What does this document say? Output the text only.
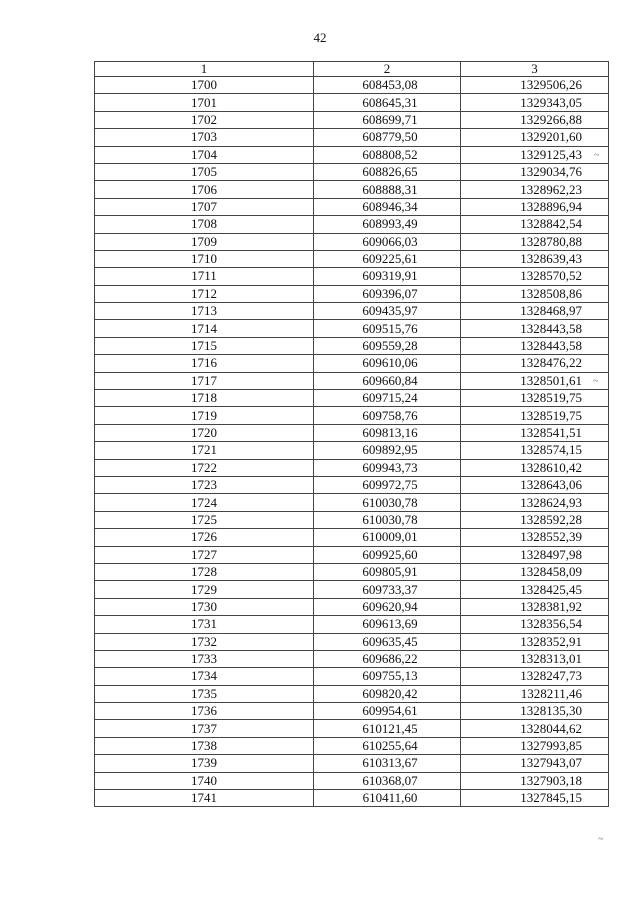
42
1	2	3
1700	608453,08	1329506,26
1701	608645,31	1329343,05
1702	608699,71	1329266,88
1703	608779,50	1329201,60
1704	608808,52	1329125,43
1705	608826,65	1329034,76
1706	608888,31	1328962,23
1707	608946,34	1328896,94
1708	608993,49	1328842,54
1709	609066,03	1328780,88
1710	609225,61	1328639,43
1711	609319,91	1328570,52
1712	609396,07	1328508,86
1713	609435,97	1328468,97
1714	609515,76	1328443,58
1715	609559,28	1328443,58
1716	609610,06	1328476,22
1717	609660,84	1328501,61
1718	609715,24	1328519,75
1719	609758,76	1328519,75
1720	609813,16	1328541,51
1721	609892,95	1328574,15
1722	609943,73	1328610,42
1723	609972,75	1328643,06
1724	610030,78	1328624,93
1725	610030,78	1328592,28
1726	610009,01	1328552,39
1727	609925,60	1328497,98
1728	609805,91	1328458,09
1729	609733,37	1328425,45
1730	609620,94	1328381,92
1731	609613,69	1328356,54
1732	609635,45	1328352,91
1733	609686,22	1328313,01
1734	609755,13	1328247,73
1735	609820,42	1328211,46
1736	609954,61	1328135,30
1737	610121,45	1328044,62
1738	610255,64	1327993,85
1739	610313,67	1327943,07
1740	610368,07	1327903,18
1741	610411,60	1327845,15
~
~
~
